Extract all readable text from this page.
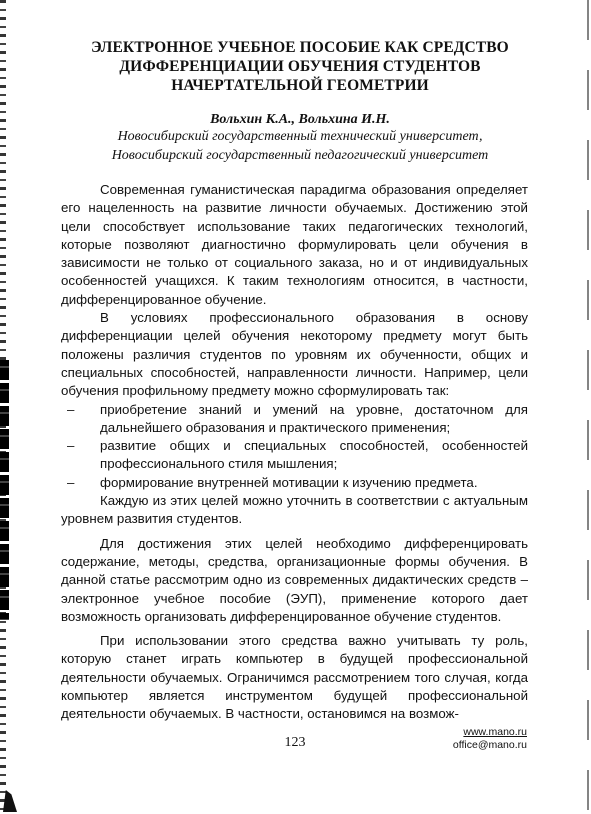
ЭЛЕКТРОННОЕ УЧЕБНОЕ ПОСОБИЕ КАК СРЕДСТВО
ДИФФЕРЕНЦИАЦИИ ОБУЧЕНИЯ СТУДЕНТОВ
НАЧЕРТАТЕЛЬНОЙ ГЕОМЕТРИИ
Вольхин К.А., Вольхина И.Н.
Новосибирский государственный технический университет,
Новосибирский государственный педагогический университет

Современная гуманистическая парадигма образования определяет его нацеленность на развитие личности обучаемых. Достижению этой цели способствует использование таких педагогических технологий, которые позволяют диагностично формулировать цели обучения в зависимости не только от социального заказа, но и от индивидуальных особенностей учащихся. К таким технологиям относится, в частности, дифференцированное обучение.

В условиях профессионального образования в основу дифференциации целей обучения некоторому предмету могут быть положены различия студентов по уровням их обученности, общих и специальных способностей, направленности личности. Например, цели обучения профильному предмету можно сформулировать так:

– приобретение знаний и умений на уровне, достаточном для дальнейшего образования и практического применения;
– развитие общих и специальных способностей, особенностей профессионального стиля мышления;
– формирование внутренней мотивации к изучению предмета.

Каждую из этих целей можно уточнить в соответствии с актуальным уровнем развития студентов.

Для достижения этих целей необходимо дифференцировать содержание, методы, средства, организационные формы обучения. В данной статье рассмотрим одно из современных дидактических средств – электронное учебное пособие (ЭУП), применение которого дает возможность организовать дифференцированное обучение студентов.

При использовании этого средства важно учитывать ту роль, которую станет играть компьютер в будущей профессиональной деятельности обучаемых. Ограничимся рассмотрением того случая, когда компьютер является инструментом будущей профессиональной деятельности обучаемых. В частности, остановимся на возмож-

www.mano.ru
office@mano.ru
123
